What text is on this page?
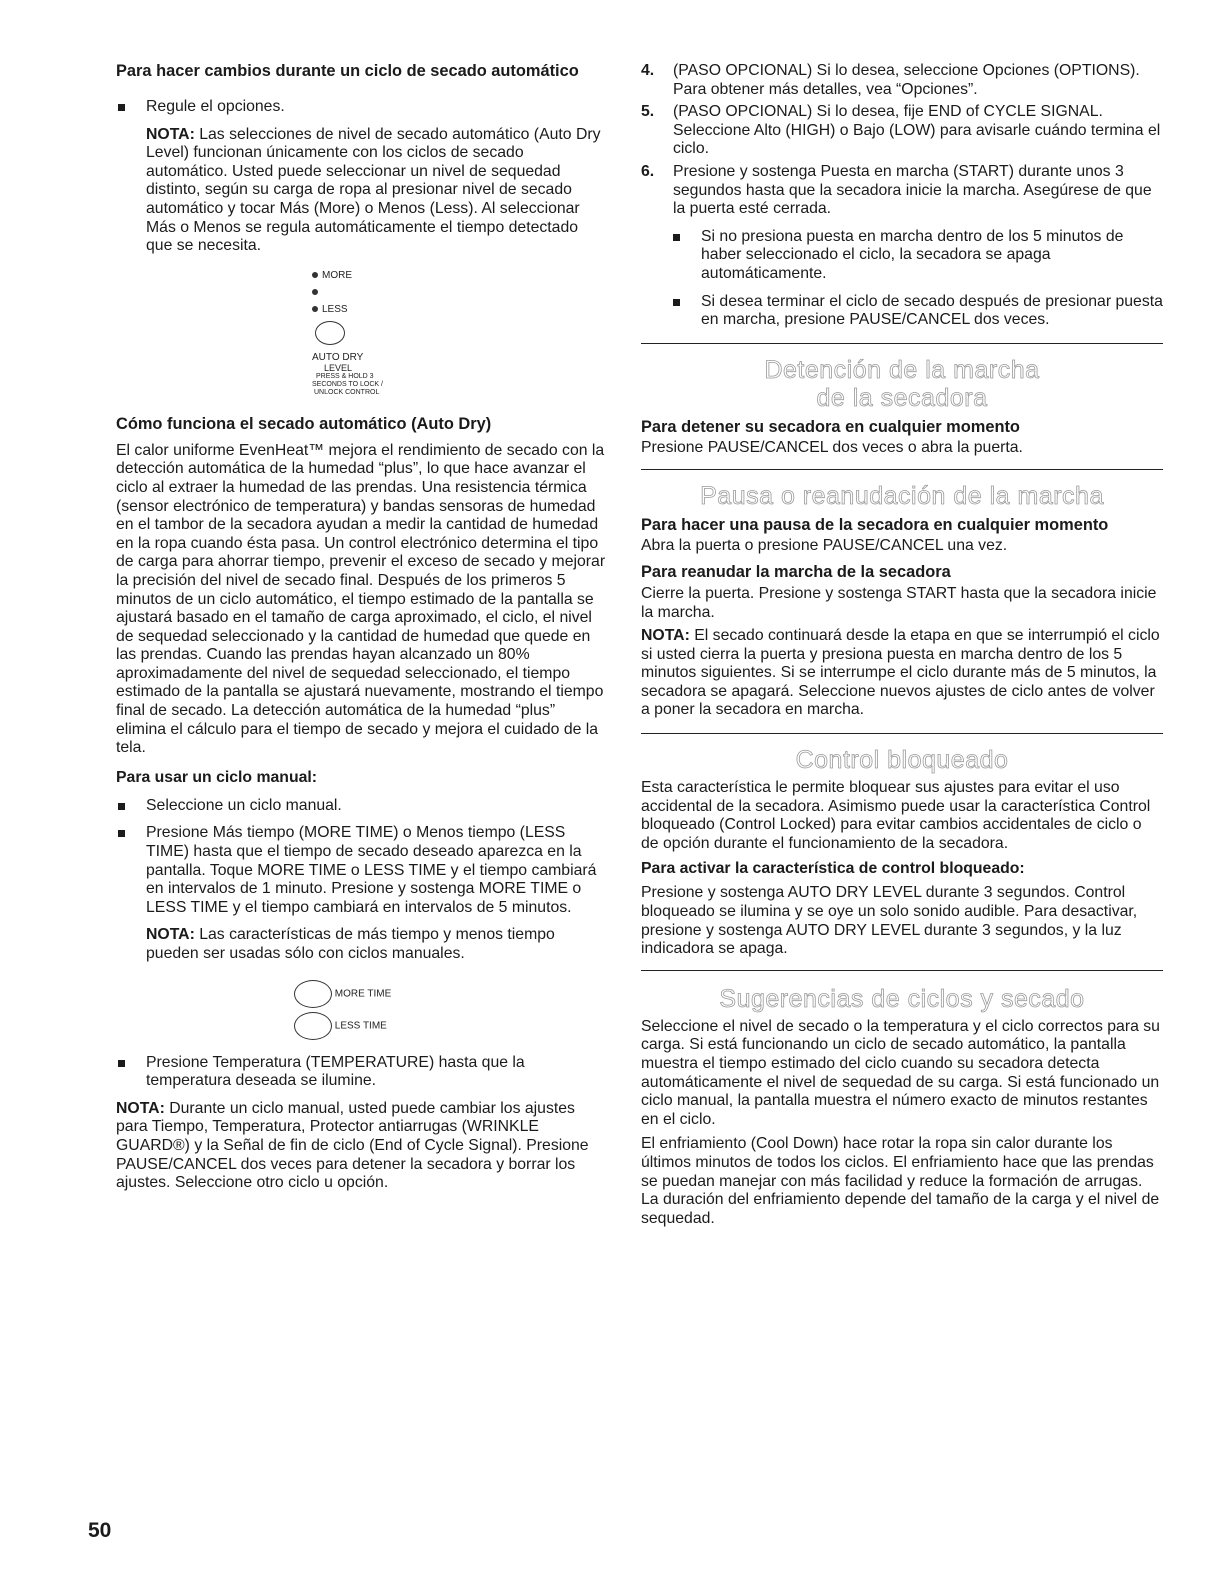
Para hacer cambios durante un ciclo de secado automático

Regule el opciones.

NOTA: Las selecciones de nivel de secado automático (Auto Dry Level) funcionan únicamente con los ciclos de secado automático. Usted puede seleccionar un nivel de sequedad distinto, según su carga de ropa al presionar nivel de secado automático y tocar Más (More) o Menos (Less). Al seleccionar Más o Menos se regula automáticamente el tiempo detectado que se necesita.

MORE
LESS
AUTO DRY
LEVEL
PRESS & HOLD 3
SECONDS TO LOCK /
UNLOCK CONTROL
Cómo funciona el secado automático (Auto Dry)

El calor uniforme EvenHeat™ mejora el rendimiento de secado con la detección automática de la humedad “plus”, lo que hace avanzar el ciclo al extraer la humedad de las prendas. Una resistencia térmica (sensor electrónico de temperatura) y bandas sensoras de humedad en el tambor de la secadora ayudan a medir la cantidad de humedad en la ropa cuando ésta pasa. Un control electrónico determina el tipo de carga para ahorrar tiempo, prevenir el exceso de secado y mejorar la precisión del nivel de secado final. Después de los primeros 5 minutos de un ciclo automático, el tiempo estimado de la pantalla se ajustará basado en el tamaño de carga aproximado, el ciclo, el nivel de sequedad seleccionado y la cantidad de humedad que quede en las prendas. Cuando las prendas hayan alcanzado un 80% aproximadamente del nivel de sequedad seleccionado, el tiempo estimado de la pantalla se ajustará nuevamente, mostrando el tiempo final de secado. La detección automática de la humedad “plus” elimina el cálculo para el tiempo de secado y mejora el cuidado de la tela.

Para usar un ciclo manual:

Seleccione un ciclo manual.

Presione Más tiempo (MORE TIME) o Menos tiempo (LESS TIME) hasta que el tiempo de secado deseado aparezca en la pantalla. Toque MORE TIME o LESS TIME y el tiempo cambiará en intervalos de 1 minuto. Presione y sostenga MORE TIME o LESS TIME y el tiempo cambiará en intervalos de 5 minutos.

NOTA: Las características de más tiempo y menos tiempo pueden ser usadas sólo con ciclos manuales.

MORE TIME
LESS TIME

Presione Temperatura (TEMPERATURE) hasta que la temperatura deseada se ilumine.

NOTA: Durante un ciclo manual, usted puede cambiar los ajustes para Tiempo, Temperatura, Protector antiarrugas (WRINKLE GUARD®) y la Señal de fin de ciclo (End of Cycle Signal). Presione PAUSE/CANCEL dos veces para detener la secadora y borrar los ajustes. Seleccione otro ciclo u opción.

4. (PASO OPCIONAL) Si lo desea, seleccione Opciones (OPTIONS). Para obtener más detalles, vea “Opciones”.

5. (PASO OPCIONAL) Si lo desea, fije END of CYCLE SIGNAL. Seleccione Alto (HIGH) o Bajo (LOW) para avisarle cuándo termina el ciclo.

6. Presione y sostenga Puesta en marcha (START) durante unos 3 segundos hasta que la secadora inicie la marcha. Asegúrese de que la puerta esté cerrada.

Si no presiona puesta en marcha dentro de los 5 minutos de haber seleccionado el ciclo, la secadora se apaga automáticamente.

Si desea terminar el ciclo de secado después de presionar puesta en marcha, presione PAUSE/CANCEL dos veces.

Detención de la marcha
de la secadora
Para detener su secadora en cualquier momento

Presione PAUSE/CANCEL dos veces o abra la puerta.

Pausa o reanudación de la marcha
Para hacer una pausa de la secadora en cualquier momento

Abra la puerta o presione PAUSE/CANCEL una vez.

Para reanudar la marcha de la secadora

Cierre la puerta. Presione y sostenga START hasta que la secadora inicie la marcha.

NOTA: El secado continuará desde la etapa en que se interrumpió el ciclo si usted cierra la puerta y presiona puesta en marcha dentro de los 5 minutos siguientes. Si se interrumpe el ciclo durante más de 5 minutos, la secadora se apagará. Seleccione nuevos ajustes de ciclo antes de volver a poner la secadora en marcha.

Control bloqueado

Esta característica le permite bloquear sus ajustes para evitar el uso accidental de la secadora. Asimismo puede usar la característica Control bloqueado (Control Locked) para evitar cambios accidentales de ciclo o de opción durante el funcionamiento de la secadora.

Para activar la característica de control bloqueado:

Presione y sostenga AUTO DRY LEVEL durante 3 segundos. Control bloqueado se ilumina y se oye un solo sonido audible. Para desactivar, presione y sostenga AUTO DRY LEVEL durante 3 segundos, y la luz indicadora se apaga.

Sugerencias de ciclos y secado

Seleccione el nivel de secado o la temperatura y el ciclo correctos para su carga. Si está funcionando un ciclo de secado automático, la pantalla muestra el tiempo estimado del ciclo cuando su secadora detecta automáticamente el nivel de sequedad de su carga. Si está funcionado un ciclo manual, la pantalla muestra el número exacto de minutos restantes en el ciclo.

El enfriamiento (Cool Down) hace rotar la ropa sin calor durante los últimos minutos de todos los ciclos. El enfriamiento hace que las prendas se puedan manejar con más facilidad y reduce la formación de arrugas. La duración del enfriamiento depende del tamaño de la carga y el nivel de sequedad.

50
